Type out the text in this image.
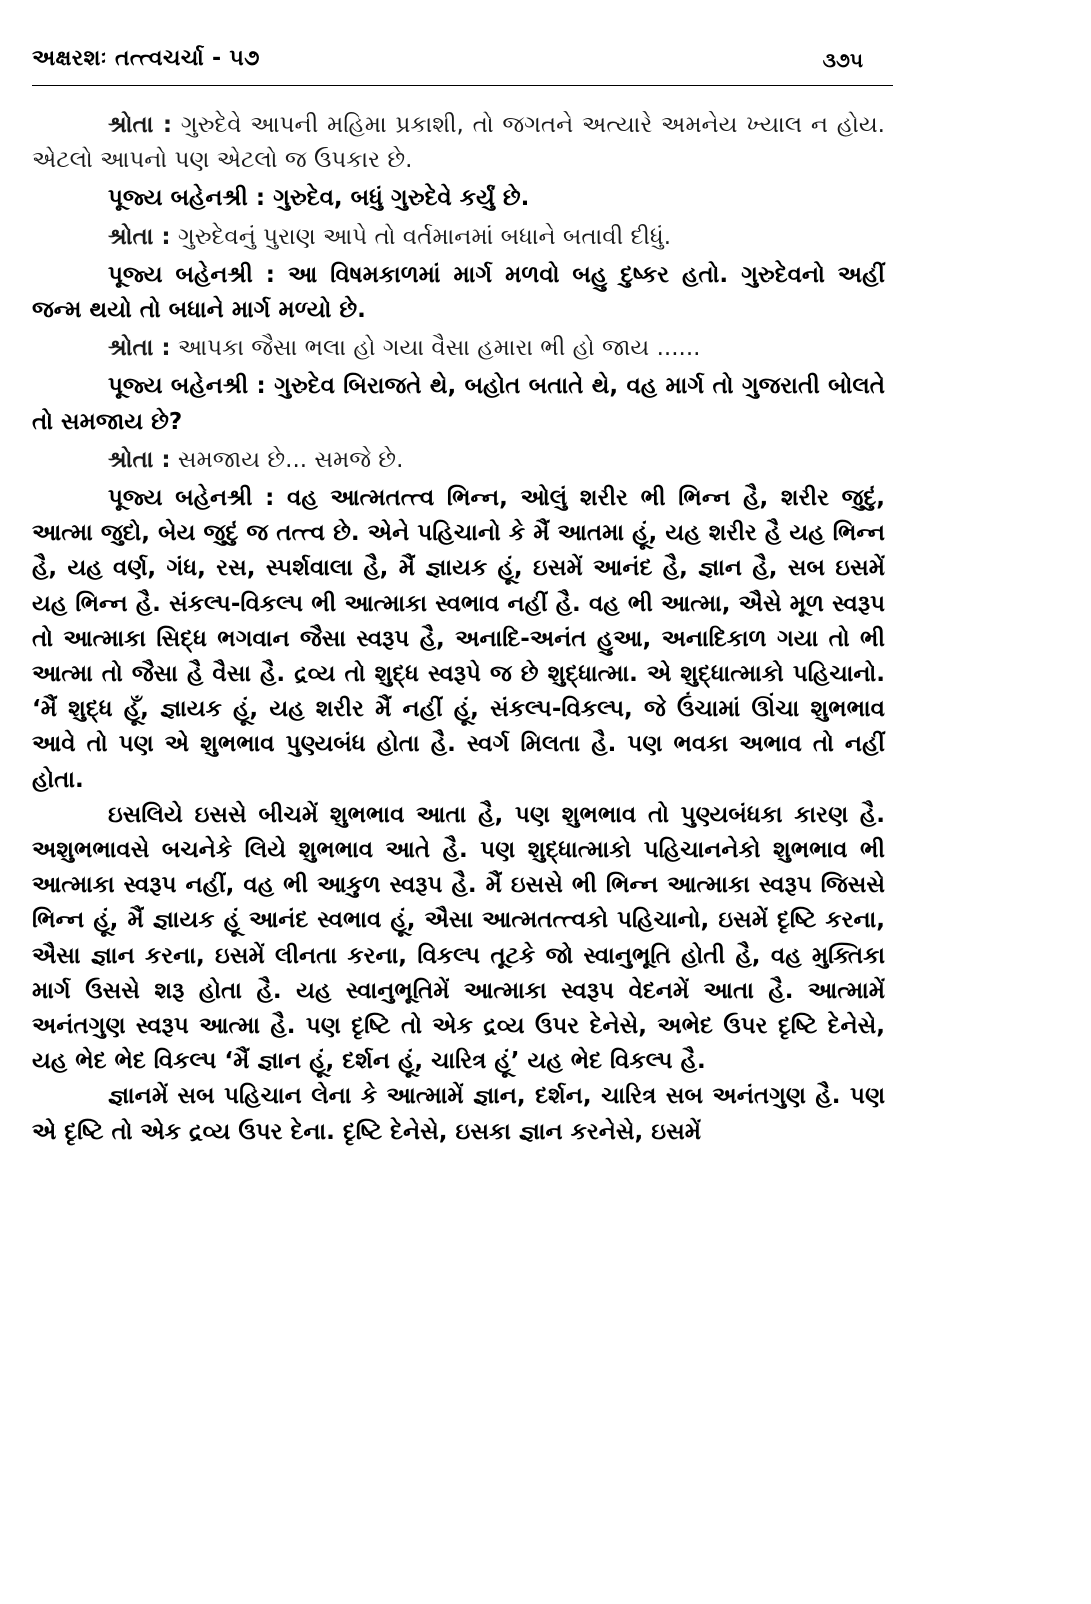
અક્ષરશઃ તત્ત્વચર્ચા - ૫૭	૩૭૫

શ્રોતા : ગુરુદેવે આપની મહિમા પ્રકાશી, તો જગતને અત્યારે અમનેય ખ્યાલ ન હોય. એટલો આપનો પણ એટલો જ ઉપકાર છે.

પૂજ્ય બહેનશ્રી : ગુરુદેવ, બધું ગુરુદેવે કર્યું છે.

શ્રોતા : ગુરુદેવનું પુરાણ આપે તો વર્તમાનમાં બધાને બતાવી દીધું.

પૂજ્ય બહેનશ્રી : આ વિષમકાળમાં માર્ગ મળવો બહુ દુષ્કર હતો. ગુરુદેવનો અહીં જન્મ થયો તો બધાને માર્ગ મળ્યો છે.

શ્રોતા : આપકા જૈસા ભલા હો ગયા વૈસા હમારા ભી હો જાય ......

પૂજ્ય બહેનશ્રી : ગુરુદેવ બિરાજતે થે, બહોત બતાતે થે, વહ માર્ગ તો ગુજરાતી બોલતે તો સમજાય છે?

શ્રોતા : સમજાય છે... સમજે છે.

પૂજ્ય બહેનશ્રી : વહ આત્મતત્ત્વ ભિન્ન, ઓલું શરીર ભી ભિન્ન હૈ, શરીર જુદું, આત્મા જુદો, બેય જુદું જ તત્ત્વ છે. એને પહિચાનો કે મૈં આતમા હૂં, યહ શરીર હૈ યહ ભિન્ન હૈ, યહ વર્ણ, ગંધ, રસ, સ્પર્શવાલા હૈ, મૈં જ્ઞાયક હૂં, ઇસમેં આનંદ હૈ, જ્ઞાન હૈ, સબ ઇસમેં યહ ભિન્ન હૈ. સંકલ્પ-વિકલ્પ ભી આત્માકા સ્વભાવ નહીં હૈ. વહ ભી આત્મા, ઐસે મૂળ સ્વરૂપ તો આત્માકા સિદ્ધ ભગવાન જૈસા સ્વરૂપ હૈ, અનાદિ-અનંત હુઆ, અનાદિકાળ ગયા તો ભી આત્મા તો જૈસા હૈ વૈસા હૈ. દ્રવ્ય તો શુદ્ધ સ્વરૂપે જ છે શુદ્ધાત્મા. એ શુદ્ધાત્માકો પહિચાનો. ‘મૈં શુદ્ધ હૂઁ, જ્ઞાયક હૂં, યહ શરીર મૈં નહીં હૂં, સંકલ્પ-વિકલ્પ, જે ઉંચામાં ઊંચા શુભભાવ આવે તો પણ એ શુભભાવ પુણ્યબંધ હોતા હૈ. સ્વર્ગ મિલતા હૈ. પણ ભવકા અભાવ તો નહીં હોતા.

ઇસલિયે ઇસસે બીચમેં શુભભાવ આતા હૈ, પણ શુભભાવ તો પુણ્યબંધકા કારણ હૈ. અશુભભાવસે બચનેકે લિયે શુભભાવ આતે હૈ. પણ શુદ્ધાત્માકો પહિચાનનેકો શુભભાવ ભી આત્માકા સ્વરૂપ નહીં, વહ ભી આકુળ સ્વરૂપ હૈ. મૈં ઇસસે ભી ભિન્ન આત્માકા સ્વરૂપ જિસસે ભિન્ન હૂં, મૈં જ્ઞાયક હૂં આનંદ સ્વભાવ હૂં, ઐસા આત્મતત્ત્વકો પહિચાનો, ઇસમેં દૃષ્ટિ કરના, ઐસા જ્ઞાન કરના, ઇસમેં લીનતા કરના, વિકલ્પ તૂટકે જો સ્વાનુભૂતિ હોતી હૈ, વહ મુક્તિકા માર્ગ ઉસસે શરૂ હોતા હૈ. યહ સ્વાનુભૂતિમેં આત્માકા સ્વરૂપ વેદનમેં આતા હૈ. આત્મામેં અનંતગુણ સ્વરૂપ આત્મા હૈ. પણ દૃષ્ટિ તો એક દ્રવ્ય ઉપર દેનેસે, અભેદ ઉપર દૃષ્ટિ દેનેસે, યહ ભેદ ભેદ વિકલ્પ ‘મૈં જ્ઞાન હૂં, દર્શન હૂં, ચારિત્ર હૂં’ યહ ભેદ વિકલ્પ હૈ.

જ્ઞાનમેં સબ પહિચાન લેના કે આત્મામેં જ્ઞાન, દર્શન, ચારિત્ર સબ અનંતગુણ હૈ. પણ એ દૃષ્ટિ તો એક દ્રવ્ય ઉપર દેના. દૃષ્ટિ દેનેસે, ઇસકા જ્ઞાન કરનેસે, ઇસમેં
